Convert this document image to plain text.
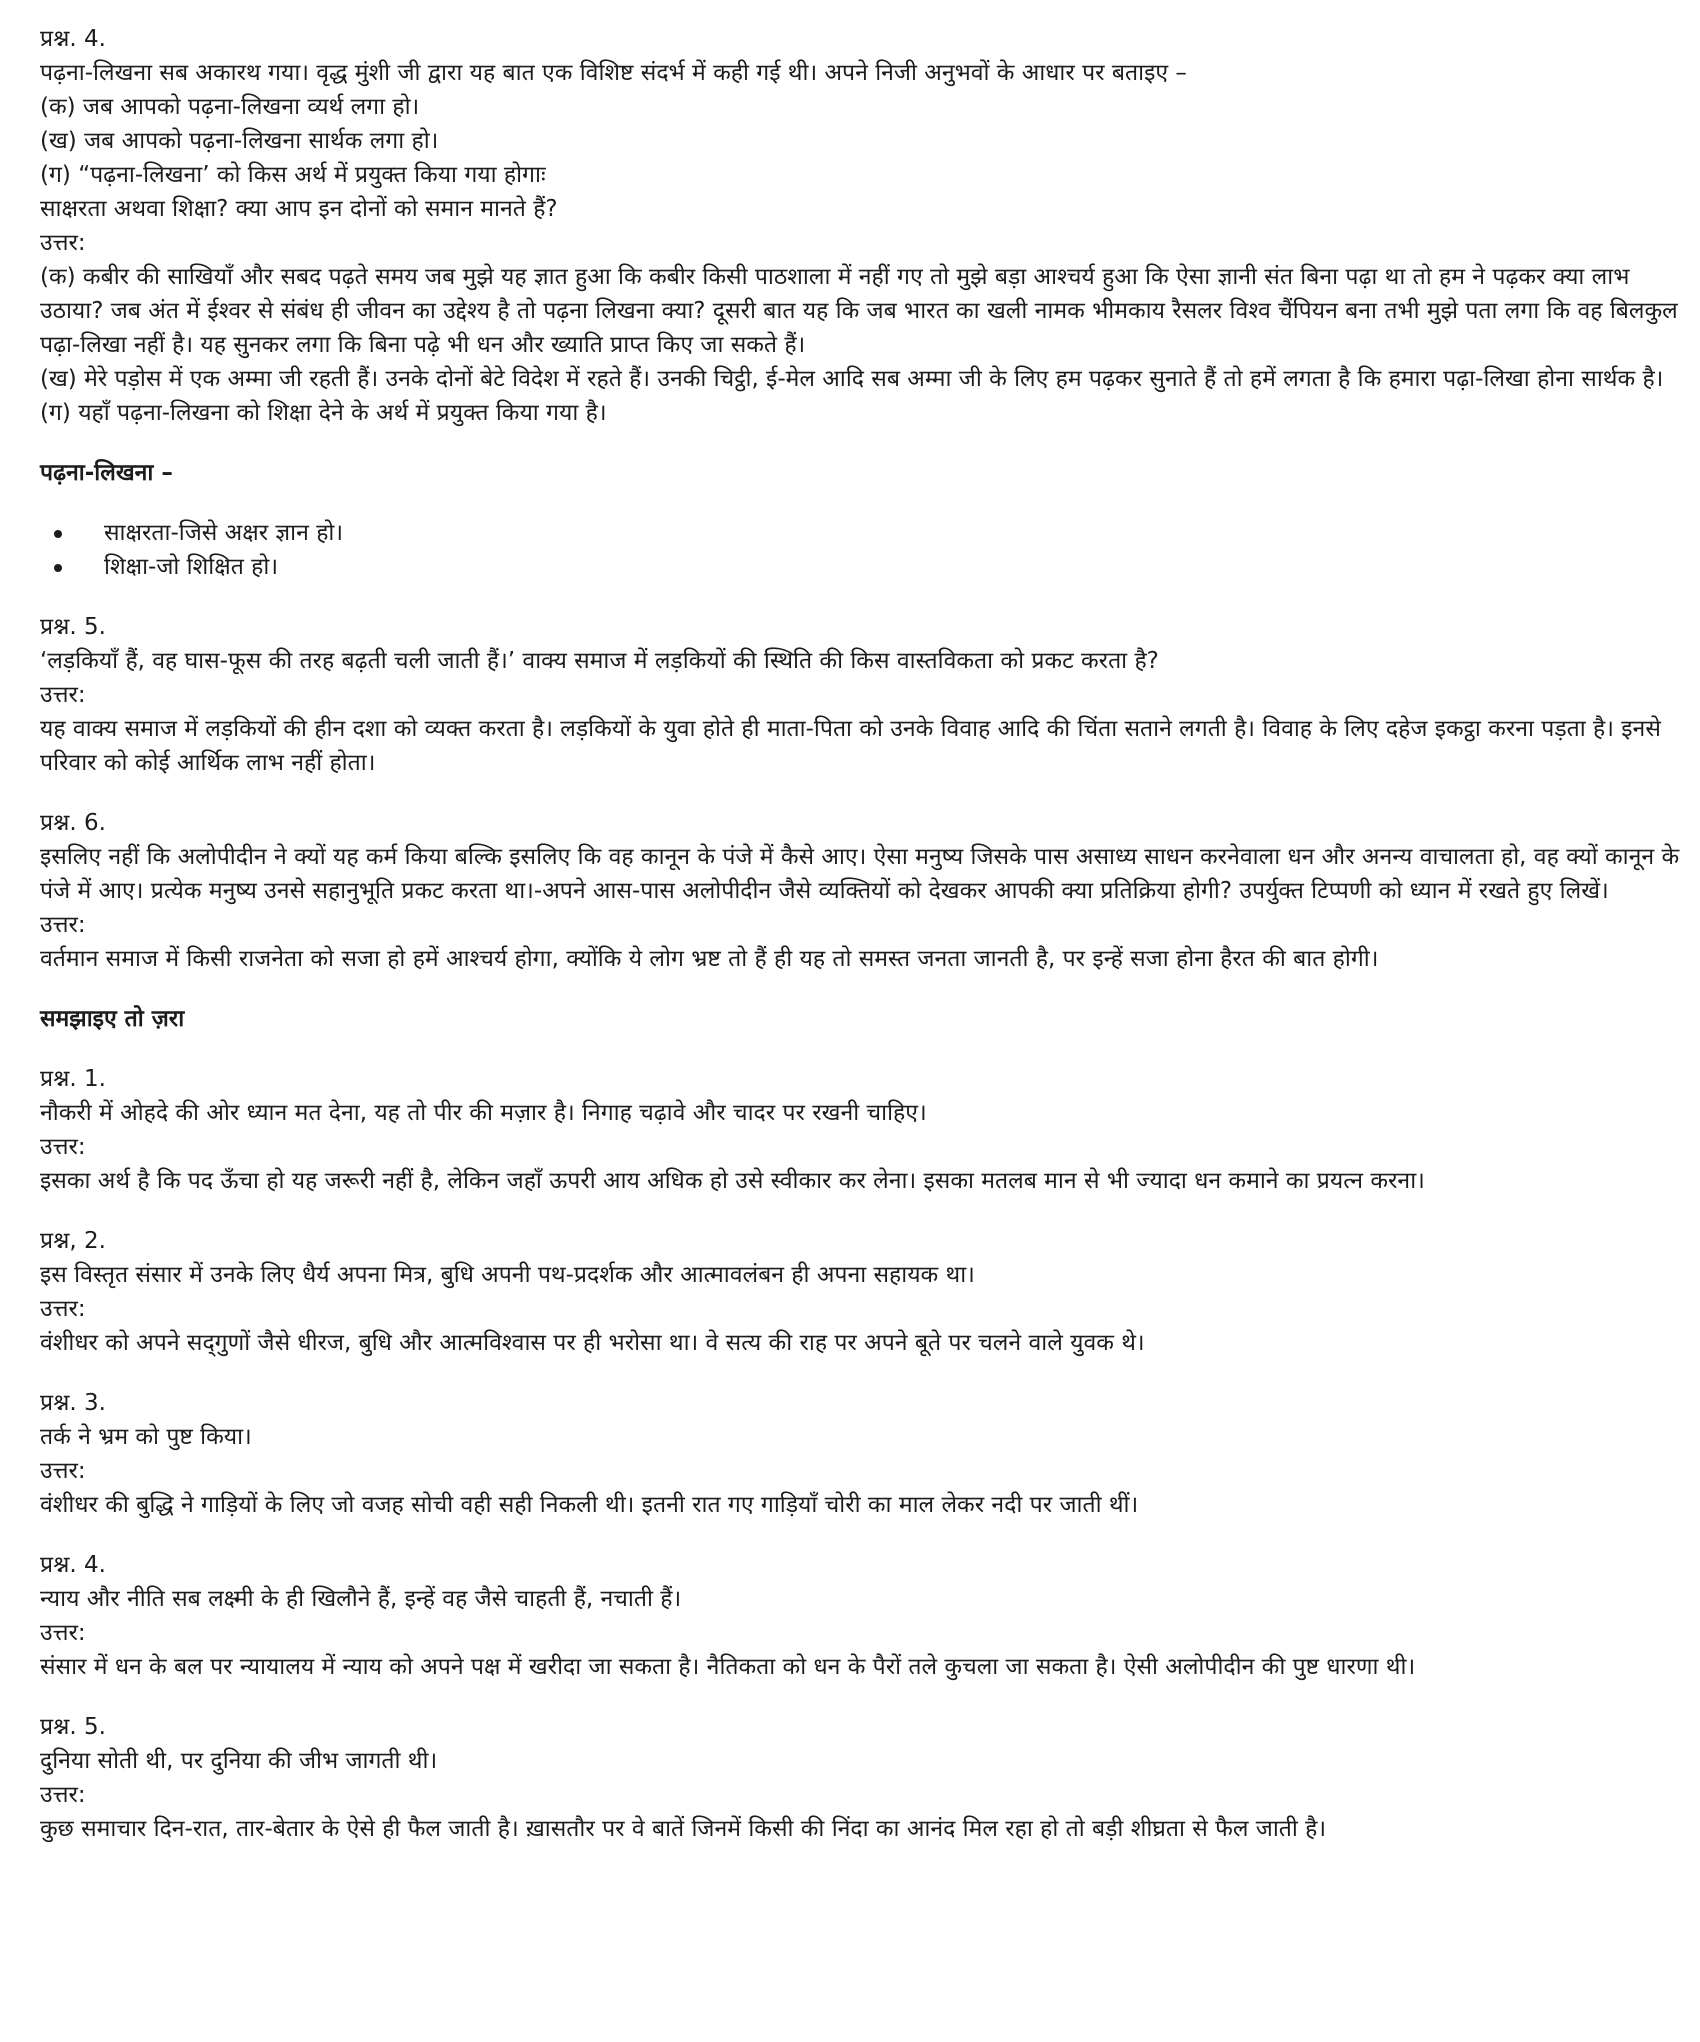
प्रश्न. 4.
पढ़ना-लिखना सब अकारथ गया। वृद्ध मुंशी जी द्वारा यह बात एक विशिष्ट संदर्भ में कही गई थी। अपने निजी अनुभवों के आधार पर बताइए –
(क) जब आपको पढ़ना-लिखना व्यर्थ लगा हो।
(ख) जब आपको पढ़ना-लिखना सार्थक लगा हो।
(ग) “पढ़ना-लिखना’ को किस अर्थ में प्रयुक्त किया गया होगाः
साक्षरता अथवा शिक्षा? क्या आप इन दोनों को समान मानते हैं?
उत्तर:
(क) कबीर की साखियाँ और सबद पढ़ते समय जब मुझे यह ज्ञात हुआ कि कबीर किसी पाठशाला में नहीं गए तो मुझे बड़ा आश्चर्य हुआ कि ऐसा ज्ञानी संत बिना पढ़ा था तो हम ने पढ़कर क्या लाभ उठाया? जब अंत में ईश्वर से संबंध ही जीवन का उद्देश्य है तो पढ़ना लिखना क्या? दूसरी बात यह कि जब भारत का खली नामक भीमकाय रैसलर विश्व चैंपियन बना तभी मुझे पता लगा कि वह बिलकुल पढ़ा-लिखा नहीं है। यह सुनकर लगा कि बिना पढ़े भी धन और ख्याति प्राप्त किए जा सकते हैं।
(ख) मेरे पड़ोस में एक अम्मा जी रहती हैं। उनके दोनों बेटे विदेश में रहते हैं। उनकी चिट्ठी, ई-मेल आदि सब अम्मा जी के लिए हम पढ़कर सुनाते हैं तो हमें लगता है कि हमारा पढ़ा-लिखा होना सार्थक है।
(ग) यहाँ पढ़ना-लिखना को शिक्षा देने के अर्थ में प्रयुक्त किया गया है।
पढ़ना-लिखना –
साक्षरता-जिसे अक्षर ज्ञान हो।
शिक्षा-जो शिक्षित हो।
प्रश्न. 5.
‘लड़कियाँ हैं, वह घास-फूस की तरह बढ़ती चली जाती हैं।’ वाक्य समाज में लड़कियों की स्थिति की किस वास्तविकता को प्रकट करता है?
उत्तर:
यह वाक्य समाज में लड़कियों की हीन दशा को व्यक्त करता है। लड़कियों के युवा होते ही माता-पिता को उनके विवाह आदि की चिंता सताने लगती है। विवाह के लिए दहेज इकट्ठा करना पड़ता है। इनसे परिवार को कोई आर्थिक लाभ नहीं होता।
प्रश्न. 6.
इसलिए नहीं कि अलोपीदीन ने क्यों यह कर्म किया बल्कि इसलिए कि वह कानून के पंजे में कैसे आए। ऐसा मनुष्य जिसके पास असाध्य साधन करनेवाला धन और अनन्य वाचालता हो, वह क्यों कानून के पंजे में आए। प्रत्येक मनुष्य उनसे सहानुभूति प्रकट करता था।-अपने आस-पास अलोपीदीन जैसे व्यक्तियों को देखकर आपकी क्या प्रतिक्रिया होगी? उपर्युक्त टिप्पणी को ध्यान में रखते हुए लिखें।
उत्तर:
वर्तमान समाज में किसी राजनेता को सजा हो हमें आश्चर्य होगा, क्योंकि ये लोग भ्रष्ट तो हैं ही यह तो समस्त जनता जानती है, पर इन्हें सजा होना हैरत की बात होगी।
समझाइए तो ज़रा
प्रश्न. 1.
नौकरी में ओहदे की ओर ध्यान मत देना, यह तो पीर की मज़ार है। निगाह चढ़ावे और चादर पर रखनी चाहिए।
उत्तर:
इसका अर्थ है कि पद ऊँचा हो यह जरूरी नहीं है, लेकिन जहाँ ऊपरी आय अधिक हो उसे स्वीकार कर लेना। इसका मतलब मान से भी ज्यादा धन कमाने का प्रयत्न करना।
प्रश्न, 2.
इस विस्तृत संसार में उनके लिए धैर्य अपना मित्र, बुधि अपनी पथ-प्रदर्शक और आत्मावलंबन ही अपना सहायक था।
उत्तर:
वंशीधर को अपने सद्‌गुणों जैसे धीरज, बुधि और आत्मविश्वास पर ही भरोसा था। वे सत्य की राह पर अपने बूते पर चलने वाले युवक थे।
प्रश्न. 3.
तर्क ने भ्रम को पुष्ट किया।
उत्तर:
वंशीधर की बुद्धि ने गाड़ियों के लिए जो वजह सोची वही सही निकली थी। इतनी रात गए गाड़ियाँ चोरी का माल लेकर नदी पर जाती थीं।
प्रश्न. 4.
न्याय और नीति सब लक्ष्मी के ही खिलौने हैं, इन्हें वह जैसे चाहती हैं, नचाती हैं।
उत्तर:
संसार में धन के बल पर न्यायालय में न्याय को अपने पक्ष में खरीदा जा सकता है। नैतिकता को धन के पैरों तले कुचला जा सकता है। ऐसी अलोपीदीन की पुष्ट धारणा थी।
प्रश्न. 5.
दुनिया सोती थी, पर दुनिया की जीभ जागती थी।
उत्तर:
कुछ समाचार दिन-रात, तार-बेतार के ऐसे ही फैल जाती है। ख़ासतौर पर वे बातें जिनमें किसी की निंदा का आनंद मिल रहा हो तो बड़ी शीघ्रता से फैल जाती है।
